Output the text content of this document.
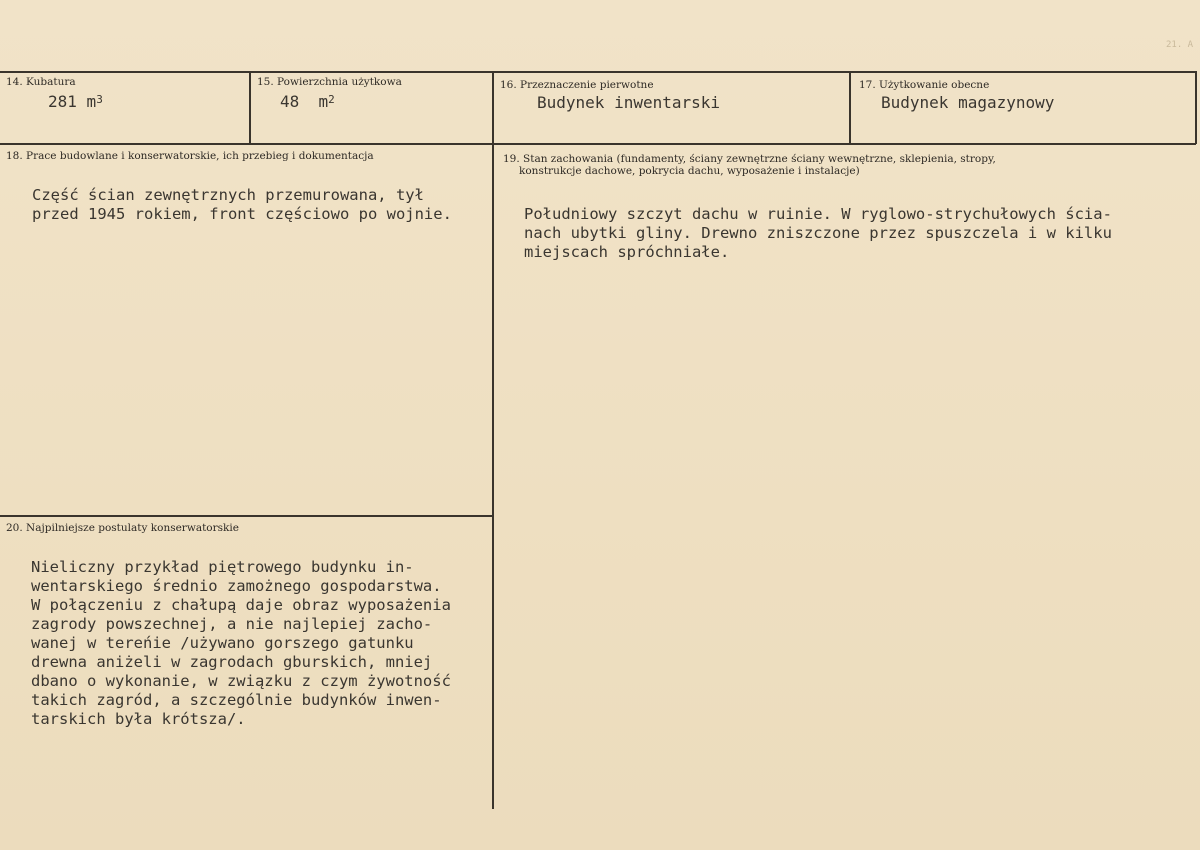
21. A
14. Kubatura
281 $m^3$
15. Powierzchnia użytkowa
48 $m^2$
16. Przeznaczenie pierwotne
Budynek inwentarski
17. Użytkowanie obecne
Budynek magazynowy
18. Prace budowlane i konserwatorskie, ich przebieg i dokumentacja

Część ścian zewnętrznych przemurowana, tył
przed 1945 rokiem, front częściowo po wojnie.
19. Stan zachowania (fundamenty, ściany zewnętrzne ściany wewnętrzne, sklepienia, stropy,
konstrukcje dachowe, pokrycia dachu, wyposażenie i instalacje)

Południowy szczyt dachu w ruinie. W ryglowo-strychułowych ścia-
nach ubytki gliny. Drewno zniszczone przez spuszczela i w kilku
miejscach spróchniałe.
20. Najpilniejsze postulaty konserwatorskie

Nieliczny przykład piętrowego budynku in-
wentarskiego średnio zamożnego gospodarstwa.
W połączeniu z chałupą daje obraz wyposażenia
zagrody powszechnej, a nie najlepiej zacho-
wanej w tereńie /używano gorszego gatunku
drewna aniżeli w zagrodach gburskich, mniej
dbano o wykonanie, w związku z czym żywotność
takich zagród, a szczególnie budynków inwen-
tarskich była krótsza/.
